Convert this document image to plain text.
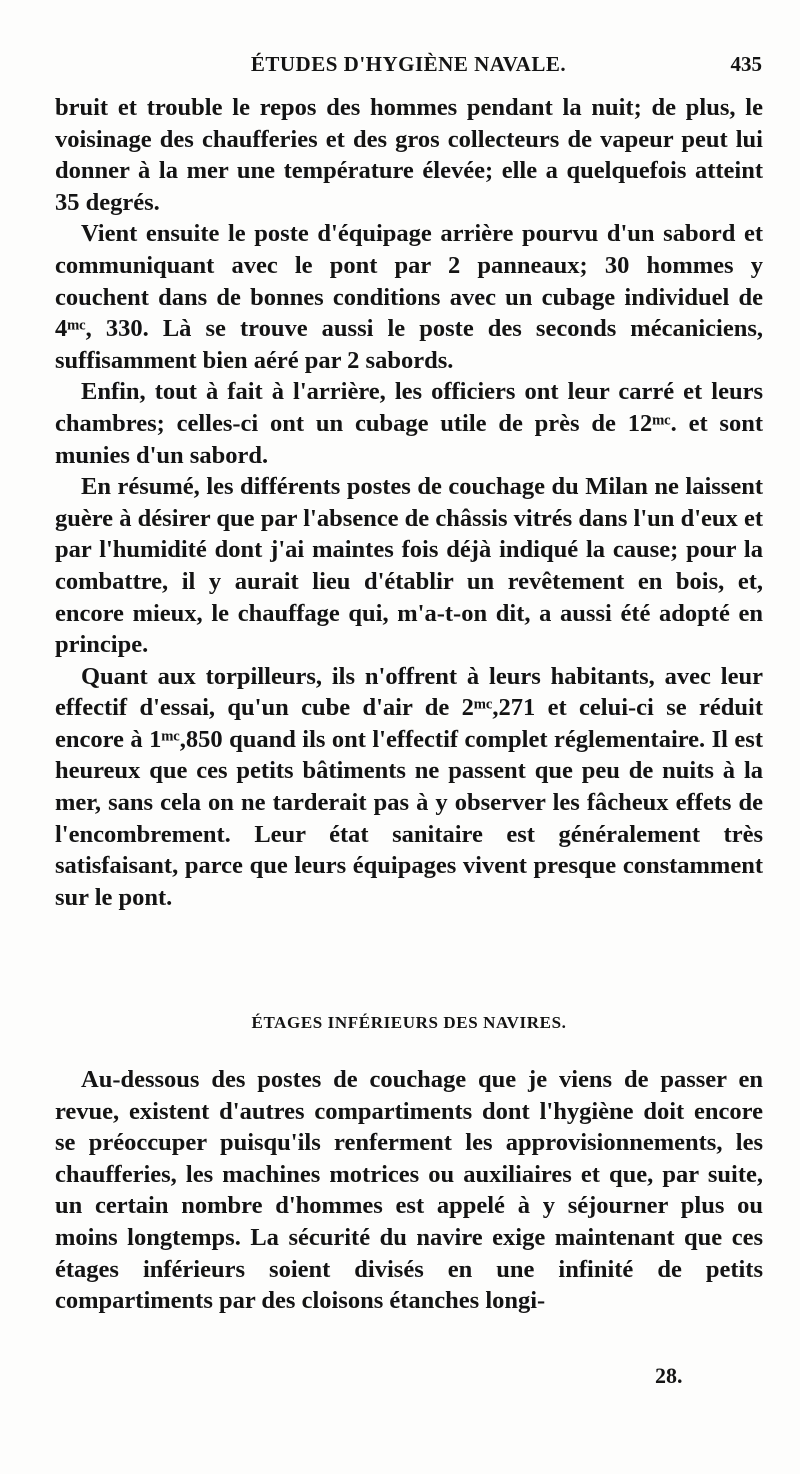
ÉTUDES D'HYGIÈNE NAVALE.	435

bruit et trouble le repos des hommes pendant la nuit; de plus, le voisinage des chaufferies et des gros collecteurs de vapeur peut lui donner à la mer une température élevée; elle a quelquefois atteint 35 degrés.

Vient ensuite le poste d'équipage arrière pourvu d'un sabord et communiquant avec le pont par 2 panneaux; 30 hommes y couchent dans de bonnes conditions avec un cubage individuel de 4ᵐᶜ, 330. Là se trouve aussi le poste des seconds mécaniciens, suffisamment bien aéré par 2 sabords.

Enfin, tout à fait à l'arrière, les officiers ont leur carré et leurs chambres; celles-ci ont un cubage utile de près de 12ᵐᶜ. et sont munies d'un sabord.

En résumé, les différents postes de couchage du Milan ne laissent guère à désirer que par l'absence de châssis vitrés dans l'un d'eux et par l'humidité dont j'ai maintes fois déjà indiqué la cause; pour la combattre, il y aurait lieu d'établir un revêtement en bois, et, encore mieux, le chauffage qui, m'a-t-on dit, a aussi été adopté en principe.

Quant aux torpilleurs, ils n'offrent à leurs habitants, avec leur effectif d'essai, qu'un cube d'air de 2ᵐᶜ,271 et celui-ci se réduit encore à 1ᵐᶜ,850 quand ils ont l'effectif complet réglementaire. Il est heureux que ces petits bâtiments ne passent que peu de nuits à la mer, sans cela on ne tarderait pas à y observer les fâcheux effets de l'encombrement. Leur état sanitaire est généralement très satisfaisant, parce que leurs équipages vivent presque constamment sur le pont.

ÉTAGES INFÉRIEURS DES NAVIRES.

Au-dessous des postes de couchage que je viens de passer en revue, existent d'autres compartiments dont l'hygiène doit encore se préoccuper puisqu'ils renferment les approvisionnements, les chaufferies, les machines motrices ou auxiliaires et que, par suite, un certain nombre d'hommes est appelé à y séjourner plus ou moins longtemps. La sécurité du navire exige maintenant que ces étages inférieurs soient divisés en une infinité de petits compartiments par des cloisons étanches longi-

28.
